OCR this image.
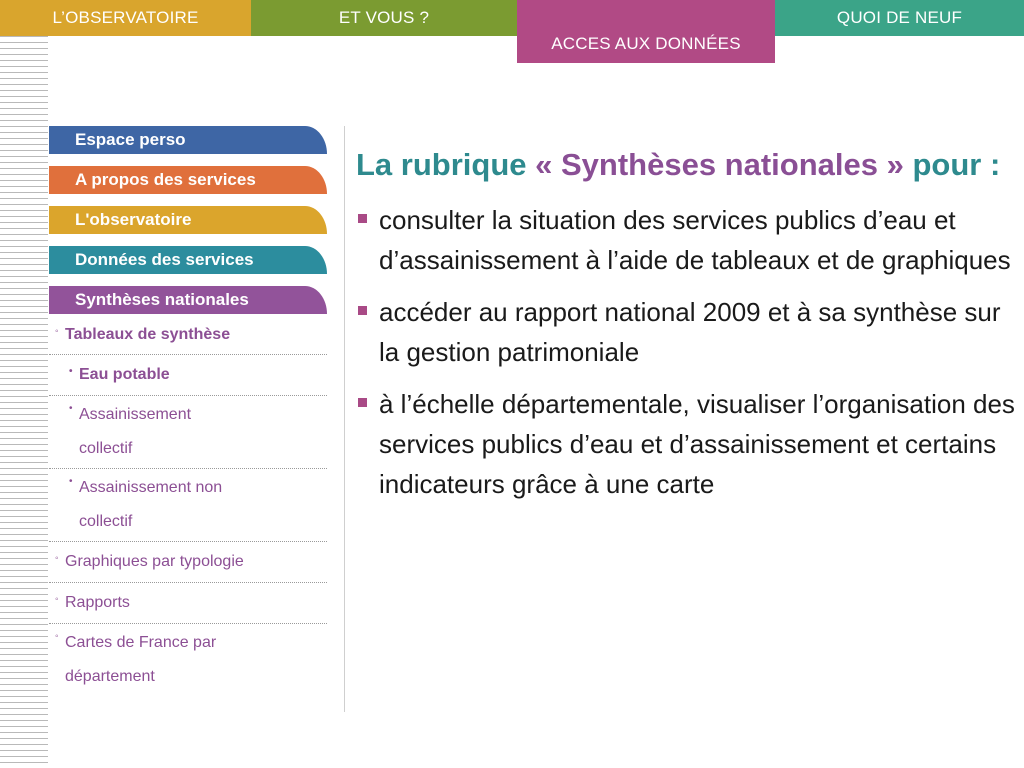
L’OBSERVATOIRE	ET VOUS ?
ACCES AUX DONNÉES
QUOI DE NEUF
Espace perso
A propos des services
L'observatoire
Données des services
Synthèses nationales
◦ Tableaux de synthèse
• Eau potable
• Assainissement
collectif
• Assainissement non
collectif
◦ Graphiques par typologie
◦ Rapports
◦ Cartes de France par
département
La rubrique « Synthèses nationales » pour :
consulter la situation des services publics d’eau et d’assainissement à l’aide de tableaux et de graphiques
accéder au rapport national 2009 et à sa synthèse sur la gestion patrimoniale
à l’échelle départementale, visualiser l’organisation des services publics d’eau et d’assainissement et certains indicateurs grâce à une carte
